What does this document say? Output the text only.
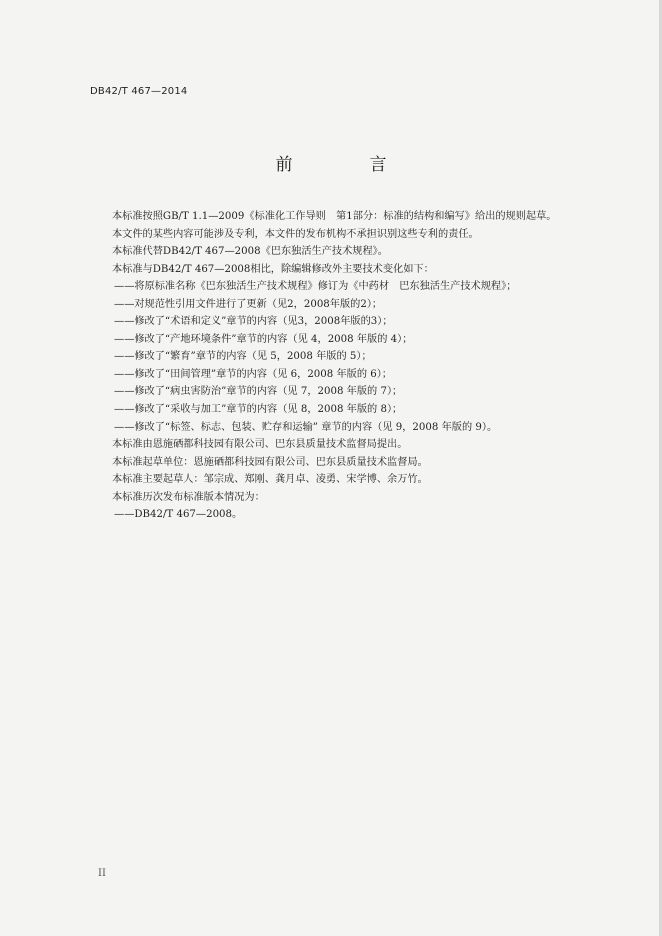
DB42/T 467—2014
前　言
本标准按照GB/T 1.1—2009《标准化工作导则　第1部分：标准的结构和编写》给出的规则起草。
本文件的某些内容可能涉及专利，本文件的发布机构不承担识别这些专利的责任。
本标准代替DB42/T 467—2008《巴东独活生产技术规程》。
本标准与DB42/T 467—2008相比，除编辑修改外主要技术变化如下：
——将原标准名称《巴东独活生产技术规程》修订为《中药材　巴东独活生产技术规程》；
——对规范性引用文件进行了更新（见2，2008年版的2）；
——修改了“术语和定义”章节的内容（见3，2008年版的3）；
——修改了“产地环境条件”章节的内容（见 4，2008 年版的 4）；
——修改了“繁育”章节的内容（见 5，2008 年版的 5）；
——修改了“田间管理”章节的内容（见 6，2008 年版的 6）；
——修改了“病虫害防治”章节的内容（见 7，2008 年版的 7）；
——修改了“采收与加工”章节的内容（见 8，2008 年版的 8）；
——修改了“标签、标志、包装、贮存和运输” 章节的内容（见 9，2008 年版的 9）。
本标准由恩施硒都科技园有限公司、巴东县质量技术监督局提出。
本标准起草单位：恩施硒都科技园有限公司、巴东县质量技术监督局。
本标准主要起草人：邹宗成、郑刚、龚月卓、凌勇、宋学博、余万竹。
本标准历次发布标准版本情况为：
——DB42/T 467—2008。
II
